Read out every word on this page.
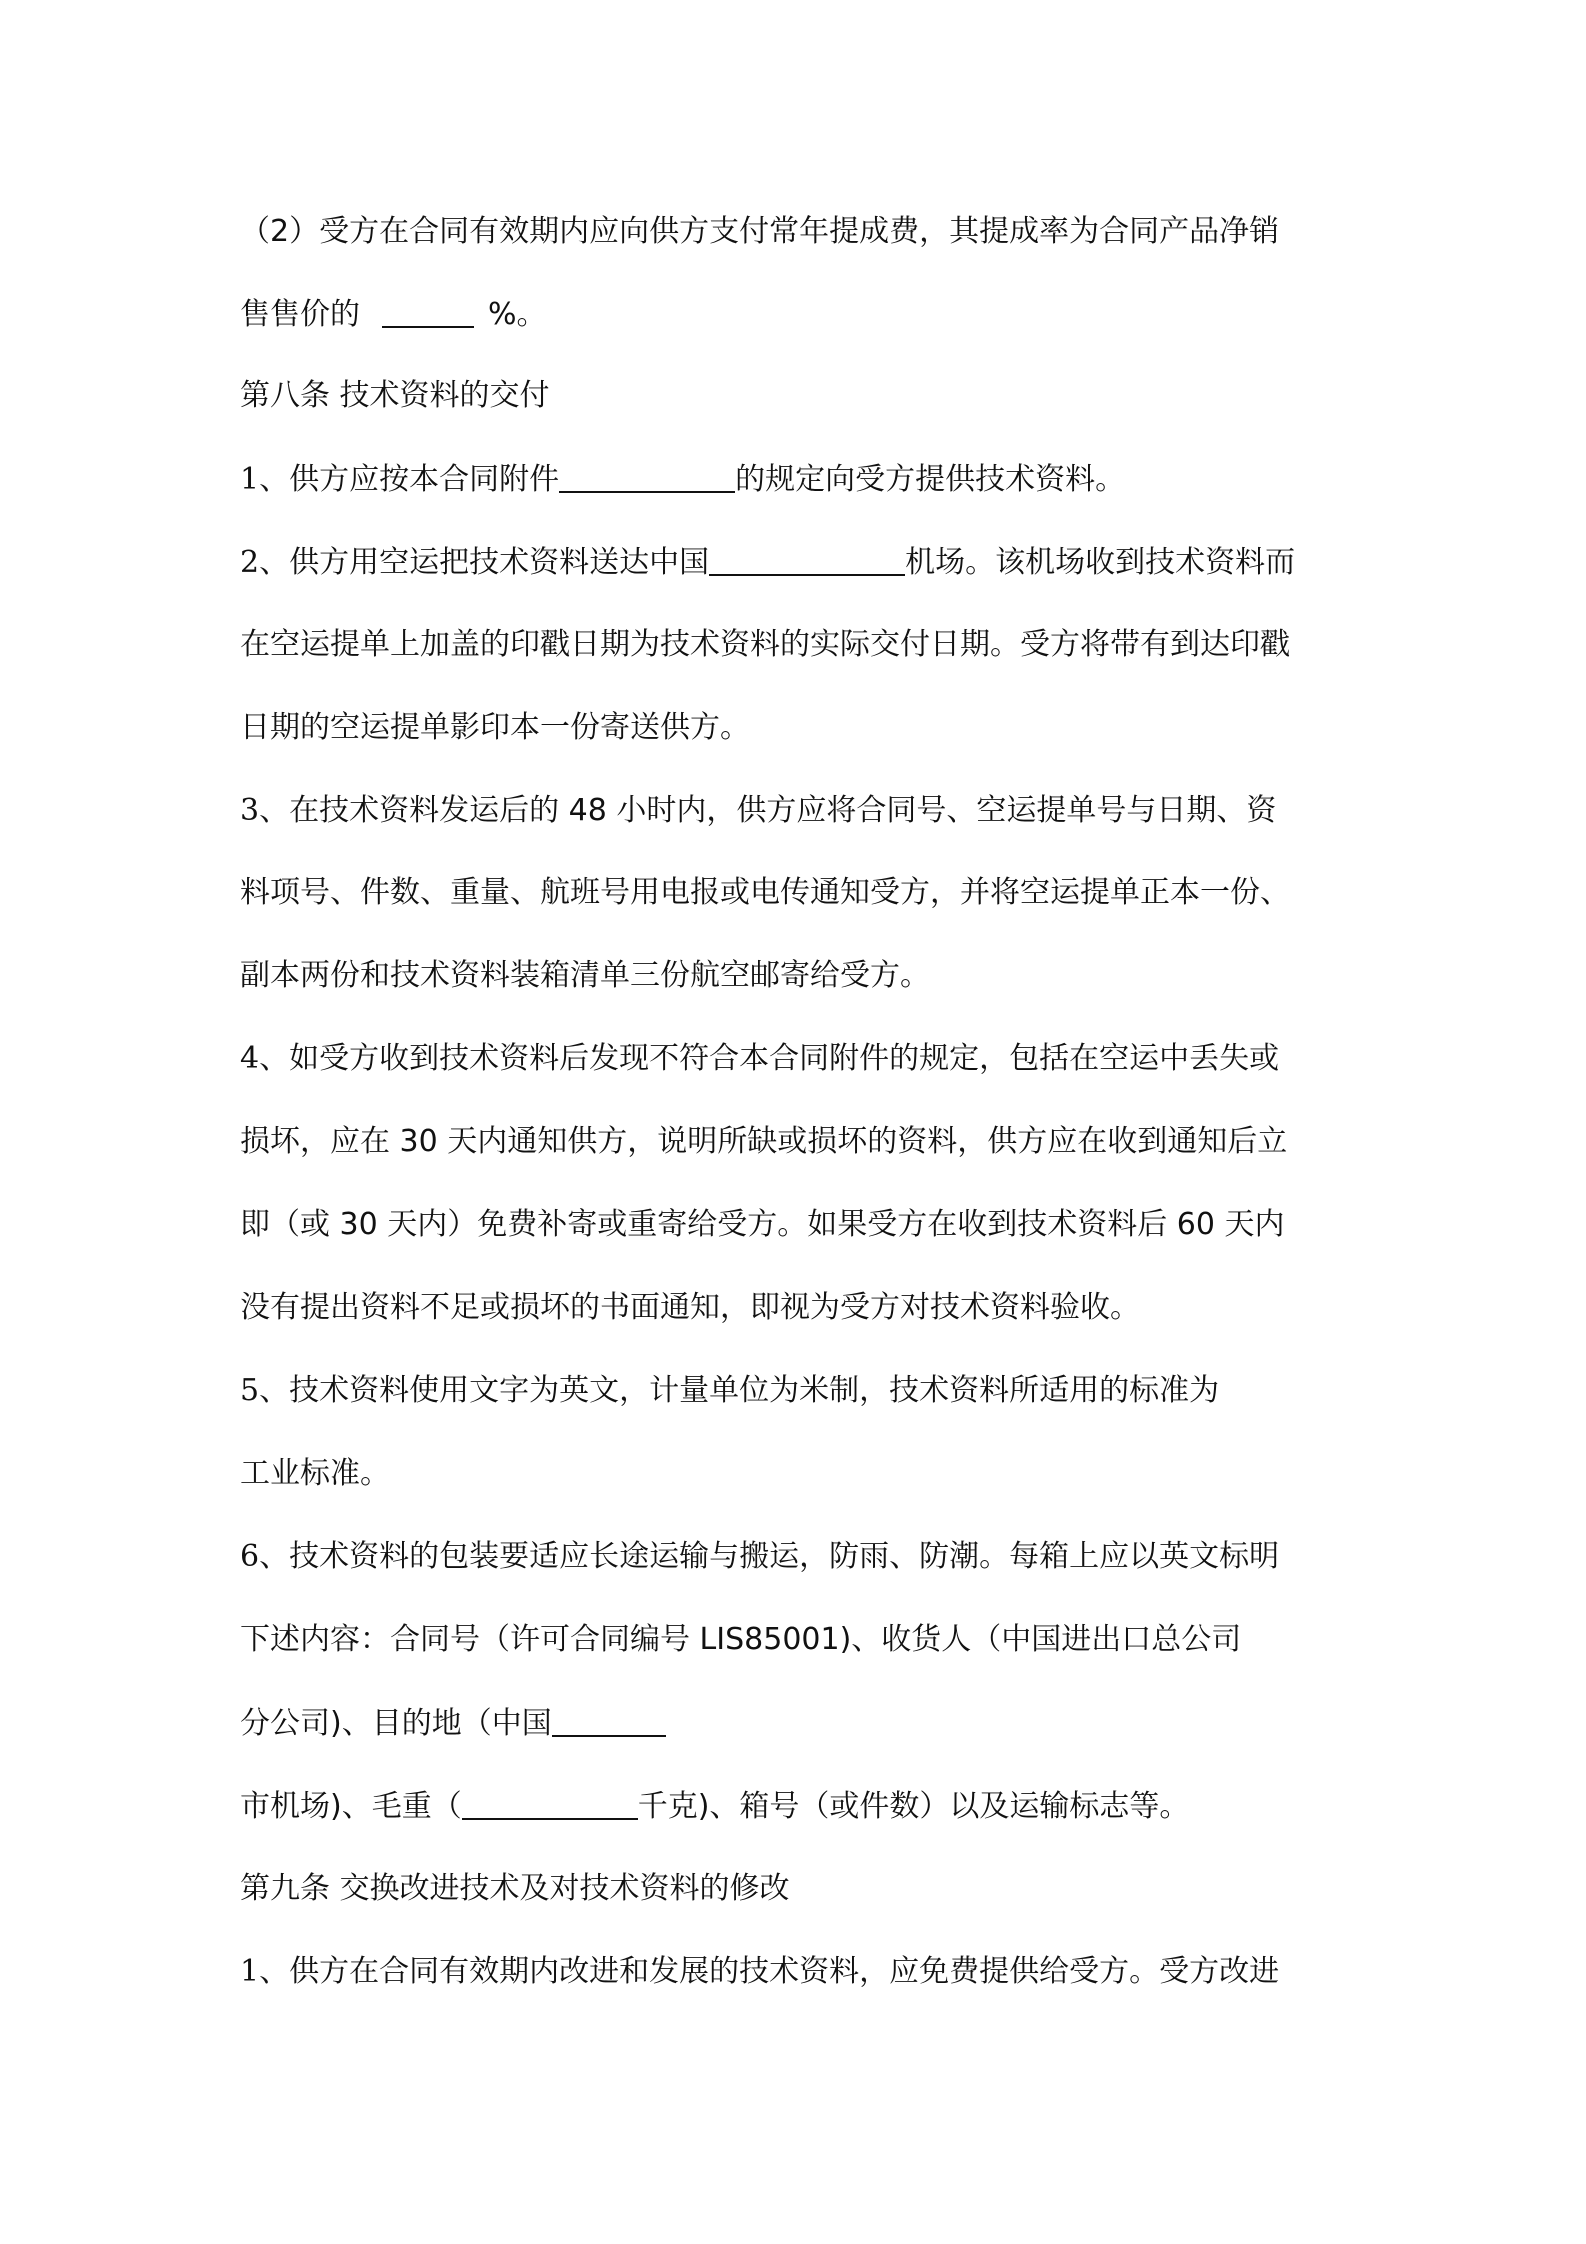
（2）受方在合同有效期内应向供方支付常年提成费，其提成率为合同产品净销
售售价的	%。
第八条 技术资料的交付
1、供方应按本合同附件	的规定向受方提供技术资料。
2、供方用空运把技术资料送达中国	机场。该机场收到技术资料而
在空运提单上加盖的印戳日期为技术资料的实际交付日期。受方将带有到达印戳
日期的空运提单影印本一份寄送供方。
3、在技术资料发运后的 48 小时内，供方应将合同号、空运提单号与日期、资
料项号、件数、重量、航班号用电报或电传通知受方，并将空运提单正本一份、
副本两份和技术资料装箱清单三份航空邮寄给受方。
4、如受方收到技术资料后发现不符合本合同附件的规定，包括在空运中丢失或
损坏，应在 30 天内通知供方，说明所缺或损坏的资料，供方应在收到通知后立
即（或 30 天内）免费补寄或重寄给受方。如果受方在收到技术资料后 60 天内
没有提出资料不足或损坏的书面通知，即视为受方对技术资料验收。
5、技术资料使用文字为英文，计量单位为米制，技术资料所适用的标准为
工业标准。
6、技术资料的包装要适应长途运输与搬运，防雨、防潮。每箱上应以英文标明
下述内容：合同号（许可合同编号 LIS85001)、收货人（中国进出口总公司
分公司)、目的地（中国
市机场)、毛重（	千克)、箱号（或件数）以及运输标志等。
第九条 交换改进技术及对技术资料的修改
1、供方在合同有效期内改进和发展的技术资料，应免费提供给受方。受方改进
